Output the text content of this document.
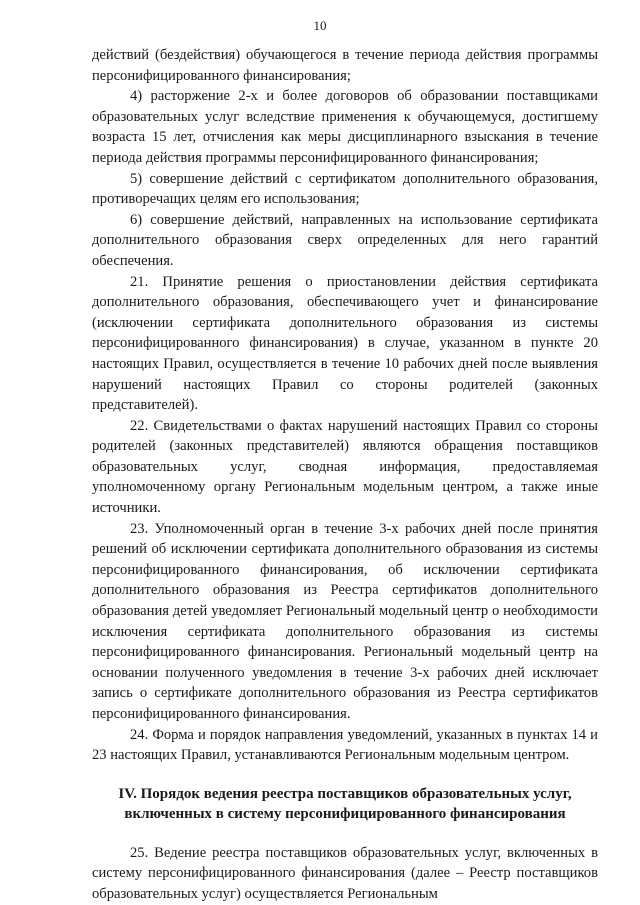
10

действий (бездействия) обучающегося в течение периода действия программы персонифицированного финансирования;

4) расторжение 2-х и более договоров об образовании поставщиками образовательных услуг вследствие применения к обучающемуся, достигшему возраста 15 лет, отчисления как меры дисциплинарного взыскания в течение периода действия программы персонифицированного финансирования;

5) совершение действий с сертификатом дополнительного образования, противоречащих целям его использования;

6) совершение действий, направленных на использование сертификата дополнительного образования сверх определенных для него гарантий обеспечения.

21. Принятие решения о приостановлении действия сертификата дополнительного образования, обеспечивающего учет и финансирование (исключении сертификата дополнительного образования из системы персонифицированного финансирования) в случае, указанном в пункте 20 настоящих Правил, осуществляется в течение 10 рабочих дней после выявления нарушений настоящих Правил со стороны родителей (законных представителей).

22. Свидетельствами о фактах нарушений настоящих Правил со стороны родителей (законных представителей) являются обращения поставщиков образовательных услуг, сводная информация, предоставляемая уполномоченному органу Региональным модельным центром, а также иные источники.

23. Уполномоченный орган в течение 3-х рабочих дней после принятия решений об исключении сертификата дополнительного образования из системы персонифицированного финансирования, об исключении сертификата дополнительного образования из Реестра сертификатов дополнительного образования детей уведомляет Региональный модельный центр о необходимости исключения сертификата дополнительного образования из системы персонифицированного финансирования. Региональный модельный центр на основании полученного уведомления в течение 3-х рабочих дней исключает запись о сертификате дополнительного образования из Реестра сертификатов персонифицированного финансирования.

24. Форма и порядок направления уведомлений, указанных в пунктах 14 и 23 настоящих Правил, устанавливаются Региональным модельным центром.

IV. Порядок ведения реестра поставщиков образовательных услуг,
включенных в систему персонифицированного финансирования

25. Ведение реестра поставщиков образовательных услуг, включенных в систему персонифицированного финансирования (далее – Реестр поставщиков образовательных услуг) осуществляется Региональным
